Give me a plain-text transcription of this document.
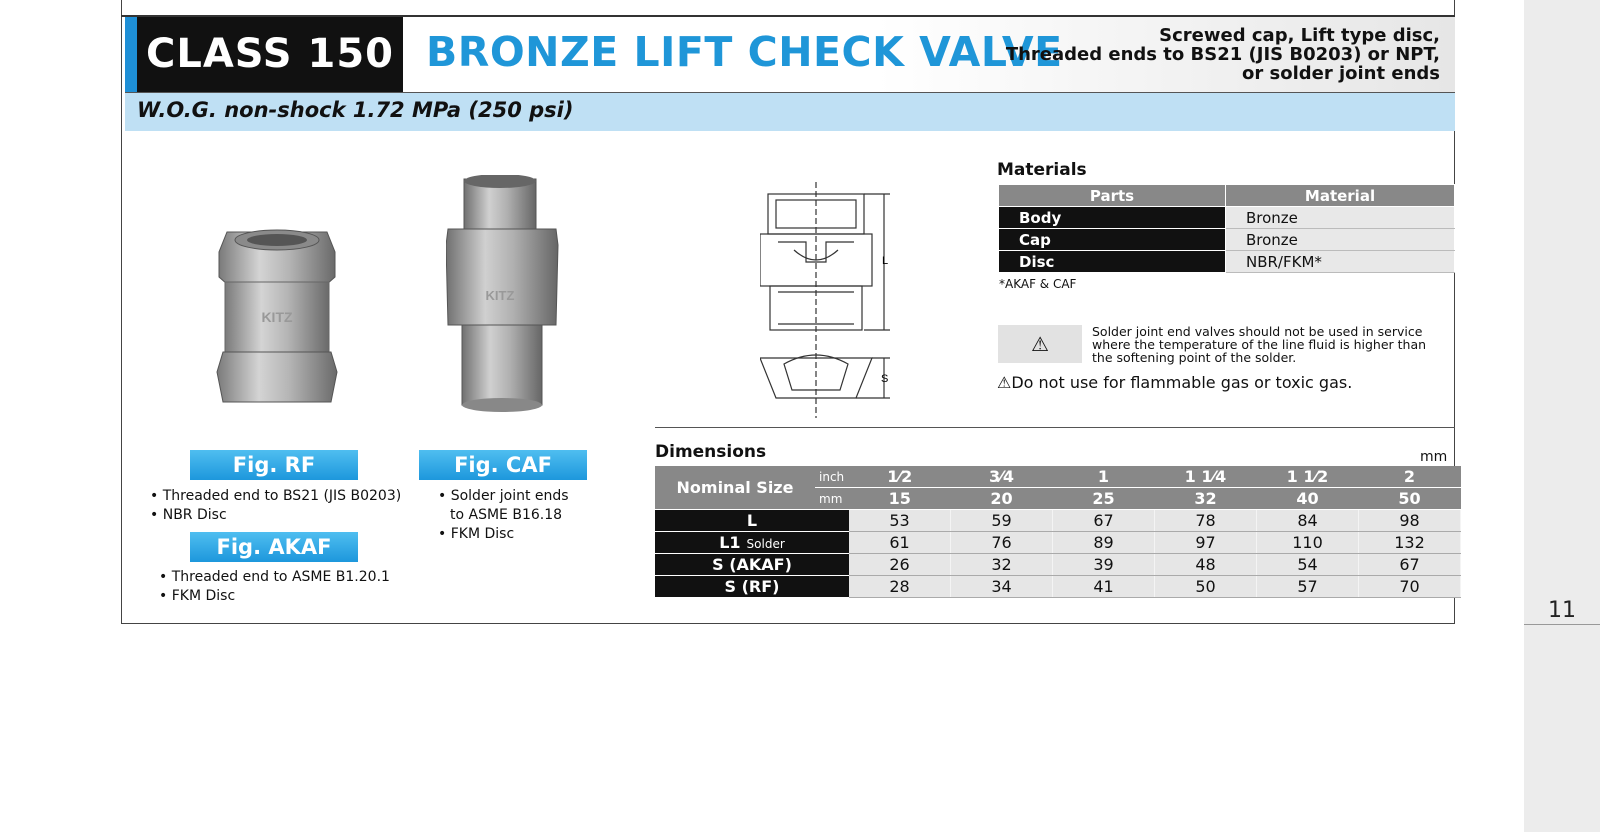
11
CLASS 150 BRONZE LIFT CHECK VALVE	Screwed cap, Lift type disc,
Threaded ends to BS21 (JIS B0203) or NPT,
or solder joint ends
W.O.G. non-shock 1.72 MPa (250 psi)
KITZ
KITZ
Fig. RF
• Threaded end to BS21 (JIS B0203)
• NBR Disc
Fig. AKAF
• Threaded end to ASME B1.20.1
• FKM Disc
Fig. CAF
• Solder joint ends
to ASME B16.18
• FKM Disc
L
S
Materials
Parts	Material
Body	Bronze
Cap	Bronze
Disc	NBR/FKM*
*AKAF & CAF
⚠
Solder joint end valves should not be used in service where the temperature of the line fluid is higher than the softening point of the solder.
⚠Do not use for flammable gas or toxic gas.
Dimensions	mm
Nominal Size	inch	1⁄2	3⁄4	1	1 1⁄4	1 1⁄2	2
	mm	15	20	25	32	40	50
L		53	59	67	78	84	98
L1 Solder		61	76	89	97	110	132
S (AKAF)		26	32	39	48	54	67
S (RF)		28	34	41	50	57	70
